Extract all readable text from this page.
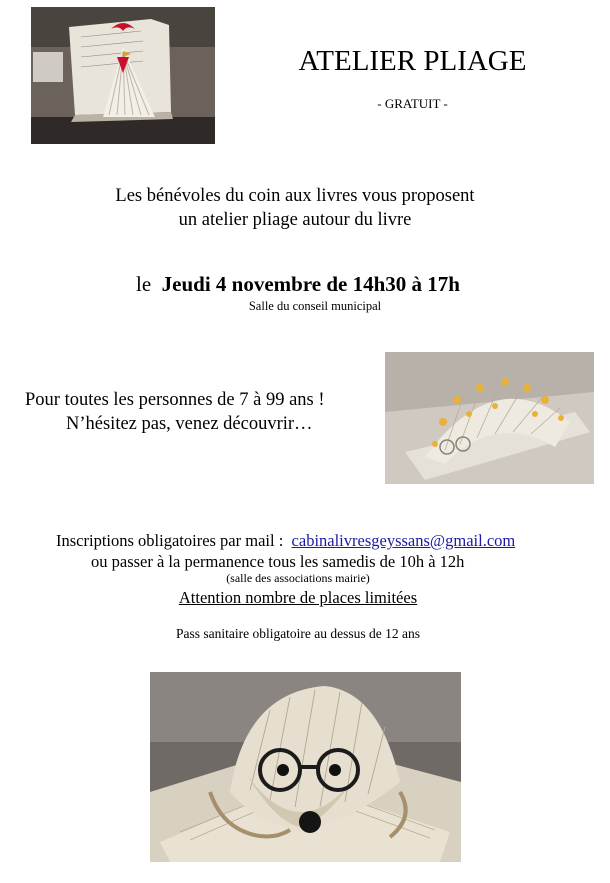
ATELIER PLIAGE
- GRATUIT -
Les bénévoles du coin aux livres vous proposent
un atelier pliage autour du livre
le Jeudi 4 novembre de 14h30 à 17h
Salle du conseil municipal
Pour toutes les personnes de 7 à 99 ans !
N’hésitez pas, venez découvrir…
Inscriptions obligatoires par mail : cabinalivresgeyssans@gmail.com
ou passer à la permanence tous les samedis de 10h à 12h
(salle des associations mairie)
Attention nombre de places limitées
Pass sanitaire obligatoire au dessus de 12 ans
